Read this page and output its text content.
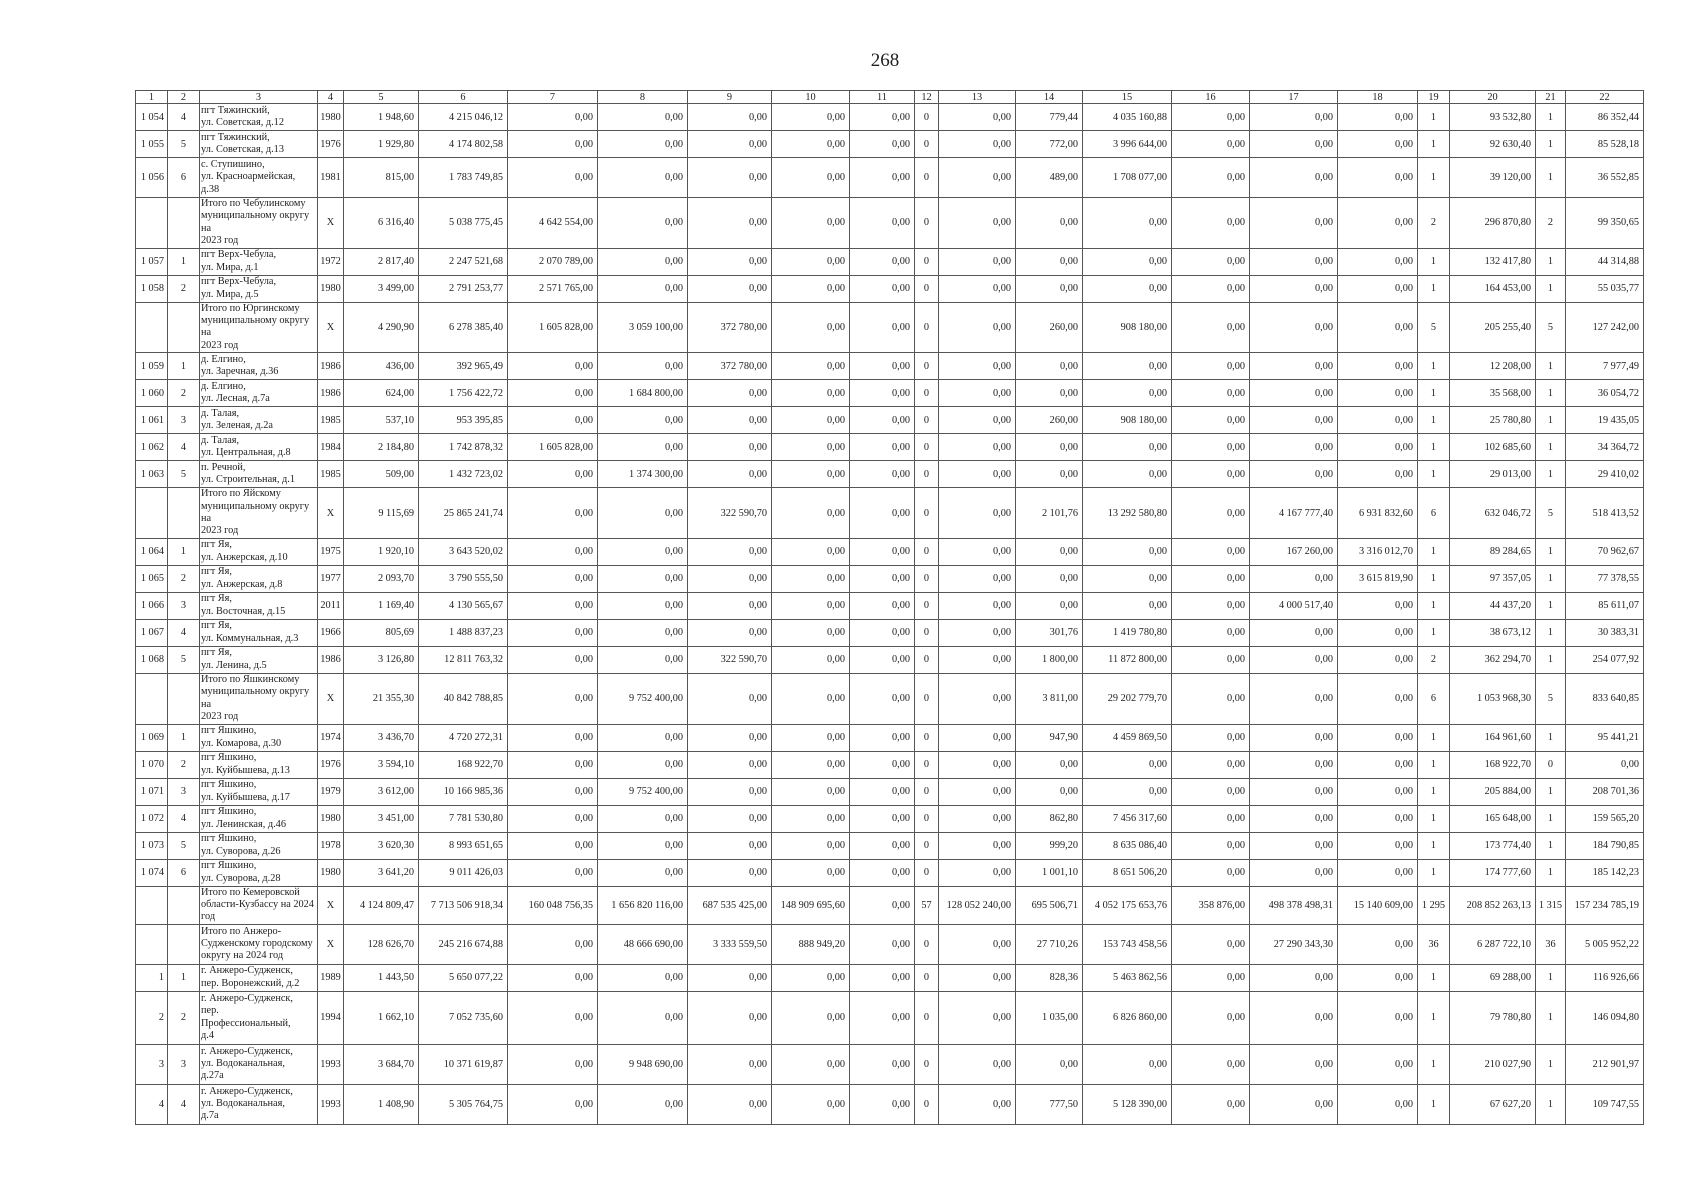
268
1	2	3	4	5	6	7	8	9	10	11	12	13	14	15	16	17	18	19	20	21	22
1 054	4	пгт Тяжинский,
ул. Советская, д.12	1980	1 948,60	4 215 046,12	0,00	0,00	0,00	0,00	0,00	0	0,00	779,44	4 035 160,88	0,00	0,00	0,00	1	93 532,80	1	86 352,44
1 055	5	пгт Тяжинский,
ул. Советская, д.13	1976	1 929,80	4 174 802,58	0,00	0,00	0,00	0,00	0,00	0	0,00	772,00	3 996 644,00	0,00	0,00	0,00	1	92 630,40	1	85 528,18
1 056	6	с. Ступишино,
ул. Красноармейская,
д.38	1981	815,00	1 783 749,85	0,00	0,00	0,00	0,00	0,00	0	0,00	489,00	1 708 077,00	0,00	0,00	0,00	1	39 120,00	1	36 552,85
		Итого по Чебулинскому
муниципальному округу на
2023 год	X	6 316,40	5 038 775,45	4 642 554,00	0,00	0,00	0,00	0,00	0	0,00	0,00	0,00	0,00	0,00	0,00	2	296 870,80	2	99 350,65
1 057	1	пгт Верх-Чебула,
ул. Мира, д.1	1972	2 817,40	2 247 521,68	2 070 789,00	0,00	0,00	0,00	0,00	0	0,00	0,00	0,00	0,00	0,00	0,00	1	132 417,80	1	44 314,88
1 058	2	пгт Верх-Чебула,
ул. Мира, д.5	1980	3 499,00	2 791 253,77	2 571 765,00	0,00	0,00	0,00	0,00	0	0,00	0,00	0,00	0,00	0,00	0,00	1	164 453,00	1	55 035,77
		Итого по Юргинскому
муниципальному округу на
2023 год	X	4 290,90	6 278 385,40	1 605 828,00	3 059 100,00	372 780,00	0,00	0,00	0	0,00	260,00	908 180,00	0,00	0,00	0,00	5	205 255,40	5	127 242,00
1 059	1	д. Елгино,
ул. Заречная, д.36	1986	436,00	392 965,49	0,00	0,00	372 780,00	0,00	0,00	0	0,00	0,00	0,00	0,00	0,00	0,00	1	12 208,00	1	7 977,49
1 060	2	д. Елгино,
ул. Лесная, д.7а	1986	624,00	1 756 422,72	0,00	1 684 800,00	0,00	0,00	0,00	0	0,00	0,00	0,00	0,00	0,00	0,00	1	35 568,00	1	36 054,72
1 061	3	д. Талая,
ул. Зеленая, д.2а	1985	537,10	953 395,85	0,00	0,00	0,00	0,00	0,00	0	0,00	260,00	908 180,00	0,00	0,00	0,00	1	25 780,80	1	19 435,05
1 062	4	д. Талая,
ул. Центральная, д.8	1984	2 184,80	1 742 878,32	1 605 828,00	0,00	0,00	0,00	0,00	0	0,00	0,00	0,00	0,00	0,00	0,00	1	102 685,60	1	34 364,72
1 063	5	п. Речной,
ул. Строительная, д.1	1985	509,00	1 432 723,02	0,00	1 374 300,00	0,00	0,00	0,00	0	0,00	0,00	0,00	0,00	0,00	0,00	1	29 013,00	1	29 410,02
		Итого по Яйскому
муниципальному округу на
2023 год	X	9 115,69	25 865 241,74	0,00	0,00	322 590,70	0,00	0,00	0	0,00	2 101,76	13 292 580,80	0,00	4 167 777,40	6 931 832,60	6	632 046,72	5	518 413,52
1 064	1	пгт Яя,
ул. Анжерская, д.10	1975	1 920,10	3 643 520,02	0,00	0,00	0,00	0,00	0,00	0	0,00	0,00	0,00	0,00	167 260,00	3 316 012,70	1	89 284,65	1	70 962,67
1 065	2	пгт Яя,
ул. Анжерская, д.8	1977	2 093,70	3 790 555,50	0,00	0,00	0,00	0,00	0,00	0	0,00	0,00	0,00	0,00	0,00	3 615 819,90	1	97 357,05	1	77 378,55
1 066	3	пгт Яя,
ул. Восточная, д.15	2011	1 169,40	4 130 565,67	0,00	0,00	0,00	0,00	0,00	0	0,00	0,00	0,00	0,00	4 000 517,40	0,00	1	44 437,20	1	85 611,07
1 067	4	пгт Яя,
ул. Коммунальная, д.3	1966	805,69	1 488 837,23	0,00	0,00	0,00	0,00	0,00	0	0,00	301,76	1 419 780,80	0,00	0,00	0,00	1	38 673,12	1	30 383,31
1 068	5	пгт Яя,
ул. Ленина, д.5	1986	3 126,80	12 811 763,32	0,00	0,00	322 590,70	0,00	0,00	0	0,00	1 800,00	11 872 800,00	0,00	0,00	0,00	2	362 294,70	1	254 077,92
		Итого по Яшкинскому
муниципальному округу на
2023 год	X	21 355,30	40 842 788,85	0,00	9 752 400,00	0,00	0,00	0,00	0	0,00	3 811,00	29 202 779,70	0,00	0,00	0,00	6	1 053 968,30	5	833 640,85
1 069	1	пгт Яшкино,
ул. Комарова, д.30	1974	3 436,70	4 720 272,31	0,00	0,00	0,00	0,00	0,00	0	0,00	947,90	4 459 869,50	0,00	0,00	0,00	1	164 961,60	1	95 441,21
1 070	2	пгт Яшкино,
ул. Куйбышева, д.13	1976	3 594,10	168 922,70	0,00	0,00	0,00	0,00	0,00	0	0,00	0,00	0,00	0,00	0,00	0,00	1	168 922,70	0	0,00
1 071	3	пгт Яшкино,
ул. Куйбышева, д.17	1979	3 612,00	10 166 985,36	0,00	9 752 400,00	0,00	0,00	0,00	0	0,00	0,00	0,00	0,00	0,00	0,00	1	205 884,00	1	208 701,36
1 072	4	пгт Яшкино,
ул. Ленинская, д.46	1980	3 451,00	7 781 530,80	0,00	0,00	0,00	0,00	0,00	0	0,00	862,80	7 456 317,60	0,00	0,00	0,00	1	165 648,00	1	159 565,20
1 073	5	пгт Яшкино,
ул. Суворова, д.26	1978	3 620,30	8 993 651,65	0,00	0,00	0,00	0,00	0,00	0	0,00	999,20	8 635 086,40	0,00	0,00	0,00	1	173 774,40	1	184 790,85
1 074	6	пгт Яшкино,
ул. Суворова, д.28	1980	3 641,20	9 011 426,03	0,00	0,00	0,00	0,00	0,00	0	0,00	1 001,10	8 651 506,20	0,00	0,00	0,00	1	174 777,60	1	185 142,23
		Итого по Кемеровской
области-Кузбассу на 2024 год	X	4 124 809,47	7 713 506 918,34	160 048 756,35	1 656 820 116,00	687 535 425,00	148 909 695,60	0,00	57	128 052 240,00	695 506,71	4 052 175 653,76	358 876,00	498 378 498,31	15 140 609,00	1 295	208 852 263,13	1 315	157 234 785,19
		Итого по Анжеро-
Судженскому городскому
округу на 2024 год	X	128 626,70	245 216 674,88	0,00	48 666 690,00	3 333 559,50	888 949,20	0,00	0	0,00	27 710,26	153 743 458,56	0,00	27 290 343,30	0,00	36	6 287 722,10	36	5 005 952,22
1	1	г. Анжеро-Судженск,
пер. Воронежский, д.2	1989	1 443,50	5 650 077,22	0,00	0,00	0,00	0,00	0,00	0	0,00	828,36	5 463 862,56	0,00	0,00	0,00	1	69 288,00	1	116 926,66
2	2	г. Анжеро-Судженск,
пер.
Профессиональный,
д.4	1994	1 662,10	7 052 735,60	0,00	0,00	0,00	0,00	0,00	0	0,00	1 035,00	6 826 860,00	0,00	0,00	0,00	1	79 780,80	1	146 094,80
3	3	г. Анжеро-Судженск,
ул. Водоканальная,
д.27а	1993	3 684,70	10 371 619,87	0,00	9 948 690,00	0,00	0,00	0,00	0	0,00	0,00	0,00	0,00	0,00	0,00	1	210 027,90	1	212 901,97
4	4	г. Анжеро-Судженск,
ул. Водоканальная,
д.7а	1993	1 408,90	5 305 764,75	0,00	0,00	0,00	0,00	0,00	0	0,00	777,50	5 128 390,00	0,00	0,00	0,00	1	67 627,20	1	109 747,55
